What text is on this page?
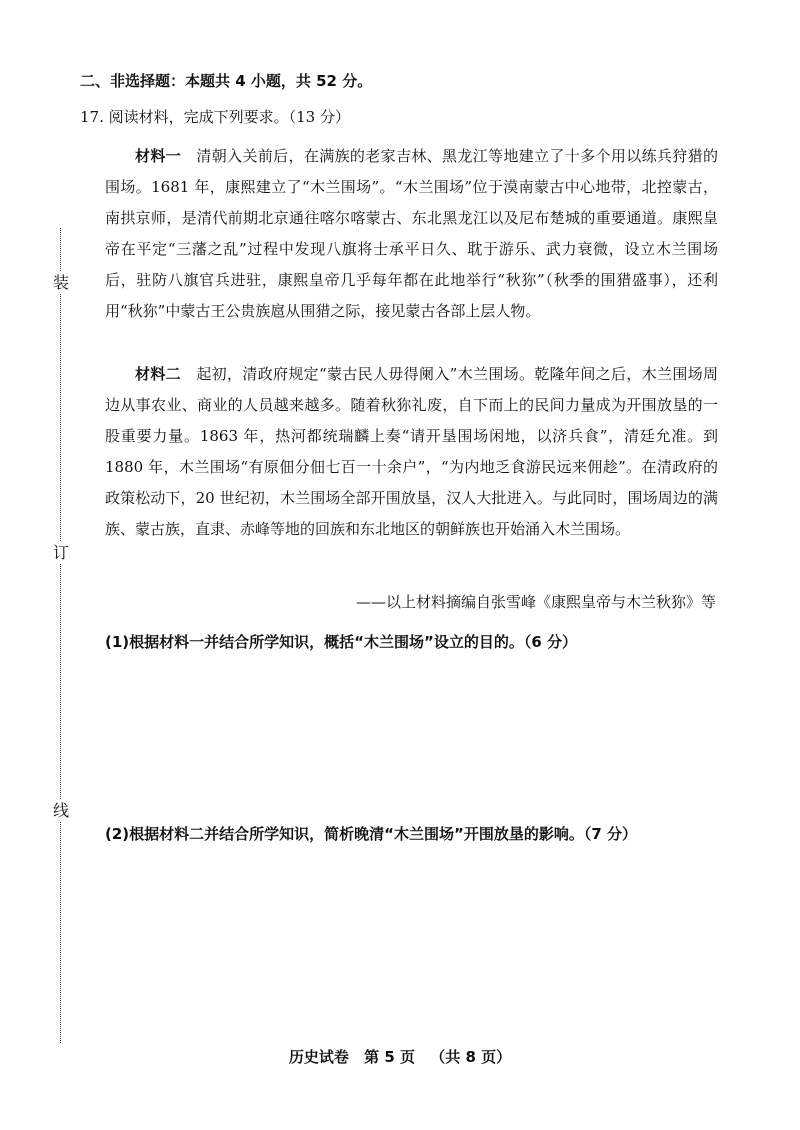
装
订
线
二、非选择题：本题共 4 小题，共 52 分。
17. 阅读材料，完成下列要求。（13 分）

材料一  清朝入关前后，在满族的老家吉林、黑龙江等地建立了十多个用以练兵狩猎的围场。1681 年，康熙建立了“木兰围场”。“木兰围场”位于漠南蒙古中心地带，北控蒙古，南拱京师，是清代前期北京通往喀尔喀蒙古、东北黑龙江以及尼布楚城的重要通道。康熙皇帝在平定“三藩之乱”过程中发现八旗将士承平日久、耽于游乐、武力衰微，设立木兰围场后，驻防八旗官兵进驻，康熙皇帝几乎每年都在此地举行“秋狝”（秋季的围猎盛事），还利用“秋狝”中蒙古王公贵族扈从围猎之际，接见蒙古各部上层人物。

材料二  起初，清政府规定“蒙古民人毋得阑入”木兰围场。乾隆年间之后，木兰围场周边从事农业、商业的人员越来越多。随着秋狝礼废，自下而上的民间力量成为开围放垦的一股重要力量。1863 年，热河都统瑞麟上奏“请开垦围场闲地，以济兵食”，清廷允准。到 1880 年，木兰围场“有原佃分佃七百一十余户”，“为内地乏食游民远来佣趁”。在清政府的政策松动下，20 世纪初，木兰围场全部开围放垦，汉人大批进入。与此同时，围场周边的满族、蒙古族，直隶、赤峰等地的回族和东北地区的朝鲜族也开始涌入木兰围场。

——以上材料摘编自张雪峰《康熙皇帝与木兰秋狝》等
(1)根据材料一并结合所学知识，概括“木兰围场”设立的目的。（6 分）
(2)根据材料二并结合所学知识，简析晚清“木兰围场”开围放垦的影响。（7 分）
历史试卷 第 5 页 （共 8 页）
